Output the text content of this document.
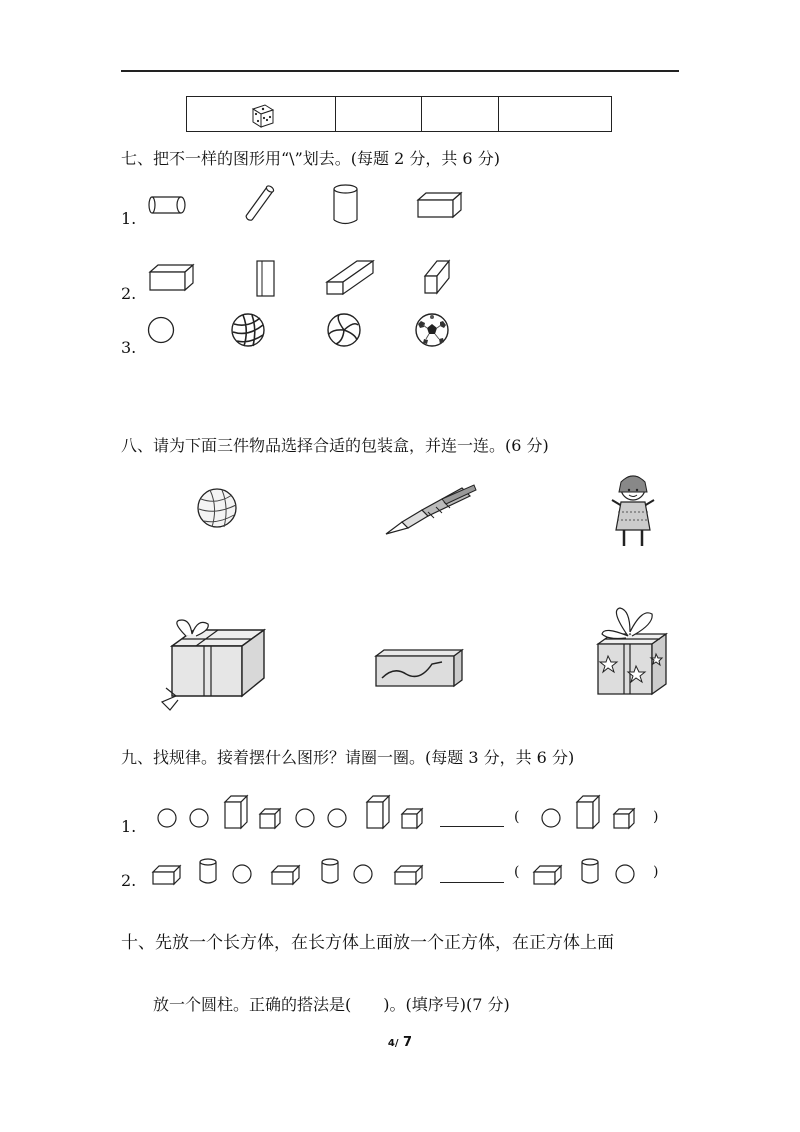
七、把不一样的图形用“\”划去。(每题 2 分，共 6 分)
1.
2.
3.
八、请为下面三件物品选择合适的包装盒，并连一连。(6 分)
九、找规律。接着摆什么图形？请圈一圈。(每题 3 分，共 6 分)
1.
2.
(	)
(	)
十、先放一个长方体，在长方体上面放一个正方体，在正方体上面
放一个圆柱。正确的搭法是(　　)。(填序号)(7 分)
4/ 7
